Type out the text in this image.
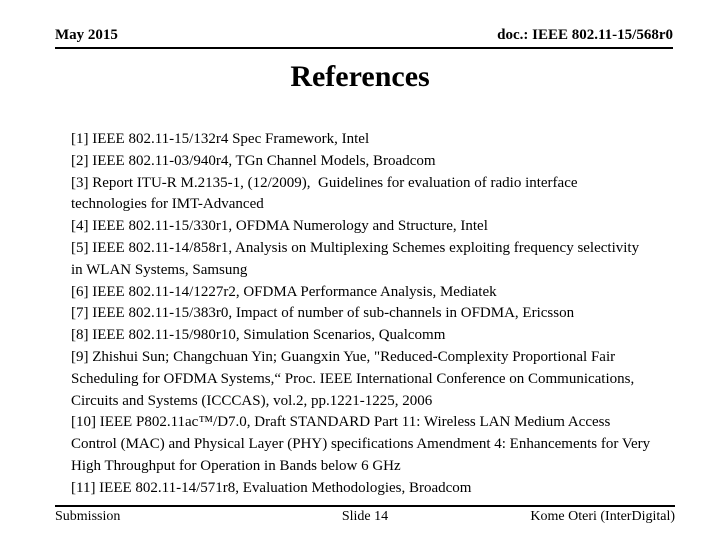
May 2015	doc.: IEEE 802.11-15/568r0
References

[1] IEEE 802.11-15/132r4 Spec Framework, Intel

[2] IEEE 802.11-03/940r4, TGn Channel Models, Broadcom

[3] Report ITU-R M.2135-1, (12/2009),  Guidelines for evaluation of radio interface technologies for IMT-Advanced

[4] IEEE 802.11-15/330r1, OFDMA Numerology and Structure, Intel

[5] IEEE 802.11-14/858r1, Analysis on Multiplexing Schemes exploiting frequency selectivity in WLAN Systems, Samsung

[6] IEEE 802.11-14/1227r2, OFDMA Performance Analysis, Mediatek

[7] IEEE 802.11-15/383r0, Impact of number of sub-channels in OFDMA, Ericsson

[8] IEEE 802.11-15/980r10, Simulation Scenarios, Qualcomm

[9] Zhishui Sun; Changchuan Yin; Guangxin Yue, "Reduced-Complexity Proportional Fair Scheduling for OFDMA Systems,“ Proc. IEEE International Conference on Communications, Circuits and Systems (ICCCAS), vol.2, pp.1221-1225, 2006

[10] IEEE P802.11ac™/D7.0, Draft STANDARD Part 11: Wireless LAN Medium Access Control (MAC) and Physical Layer (PHY) specifications Amendment 4: Enhancements for Very High Throughput for Operation in Bands below 6 GHz

[11] IEEE 802.11-14/571r8, Evaluation Methodologies, Broadcom

Submission	Slide 14	Kome Oteri (InterDigital)
